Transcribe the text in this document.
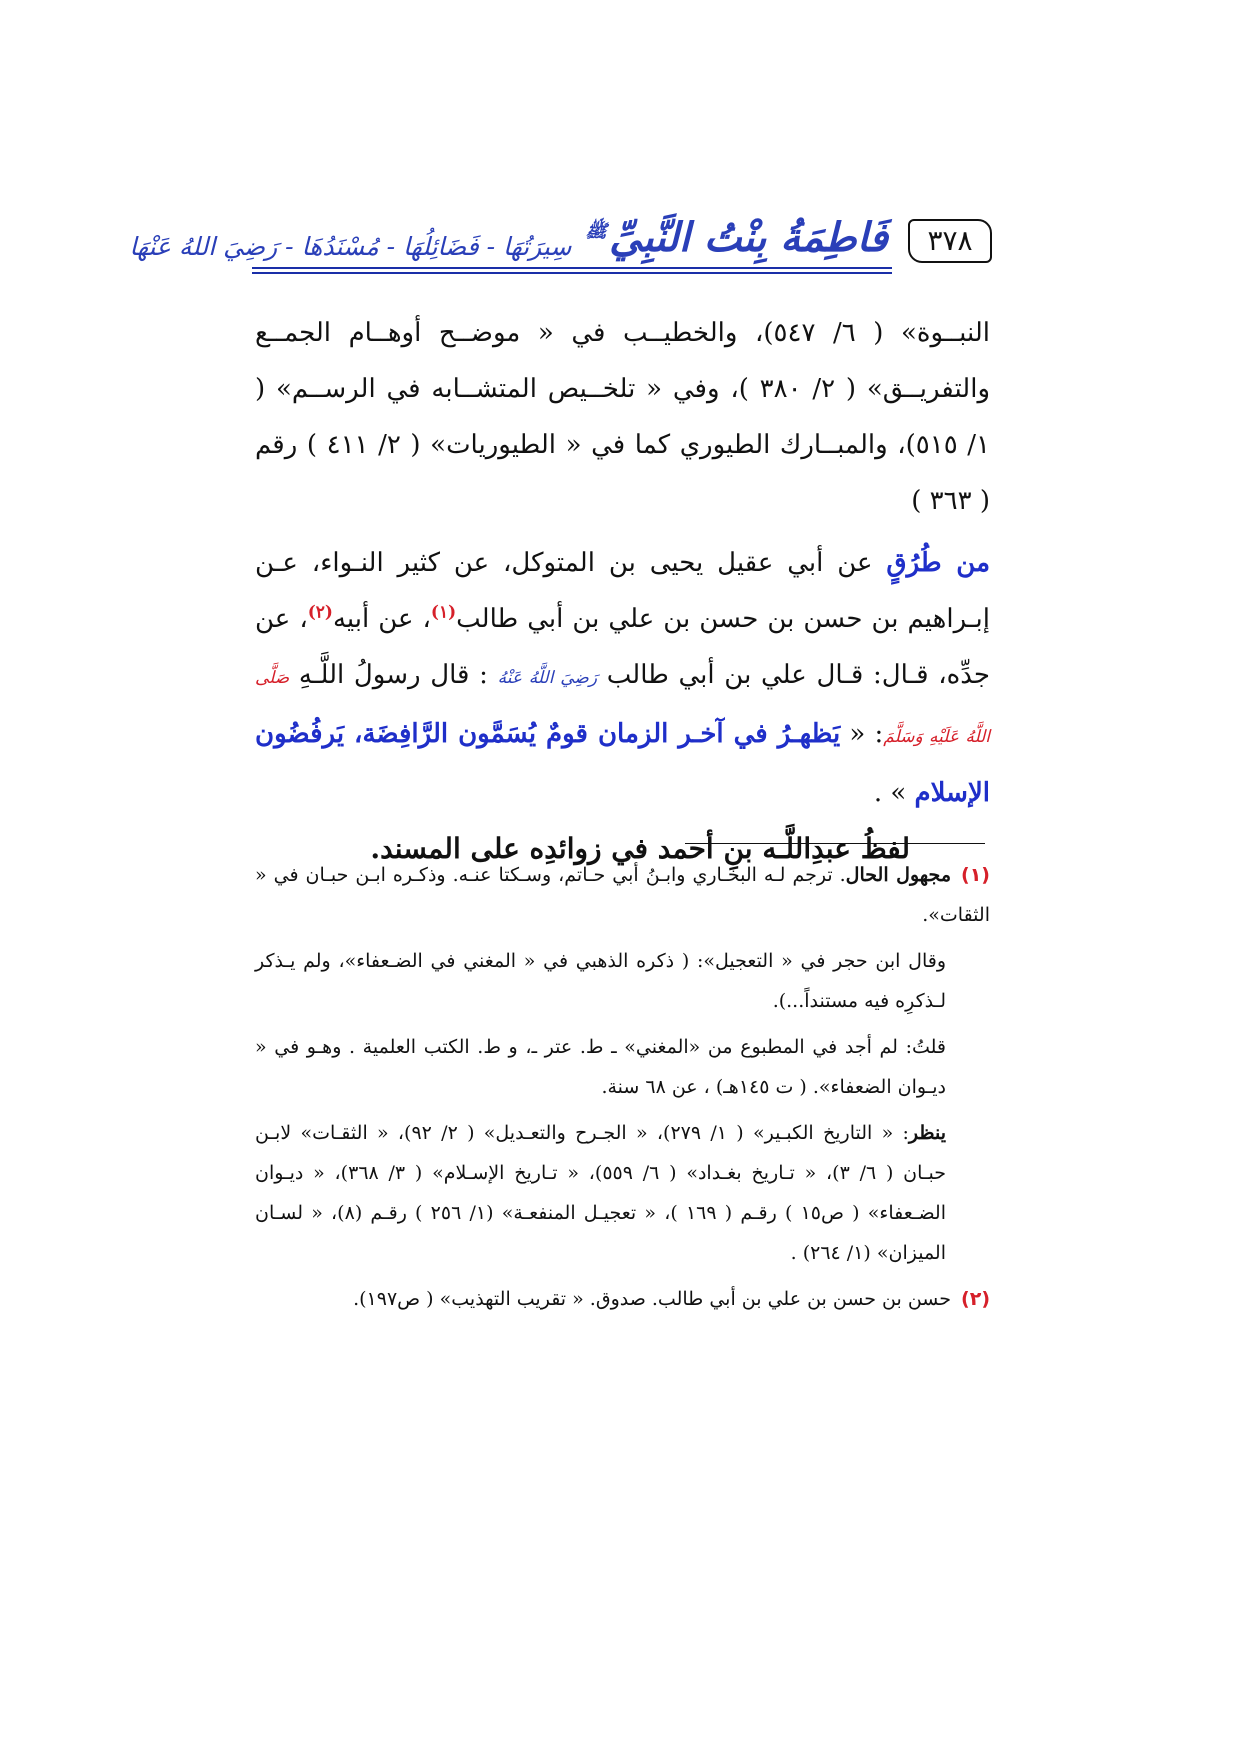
٣٧٨
فَاطِمَةُ بِنْتُ النَّبِيِّ$^ﷺ$
سِيرَتُهَا - فَضَائِلُهَا - مُسْنَدُهَا - رَضِيَ اللهُ عَنْهَا

النبــوة» ( ٦/ ٥٤٧)، والخطيــب في « موضــح أوهــام الجمــع والتفريــق» ( ٢/ ٣٨٠ )، وفي « تلخــيص المتشــابه في الرســم» ( ١/ ٥١٥)، والمبــارك الطيوري كما في « الطيوريات» ( ٢/ ٤١١ ) رقم ( ٣٦٣ )

من طُرُقٍ عن أبي عقيل يحيى بن المتوكل، عن كثير النـواء، عـن إبـراهيم بن حسن بن حسن بن علي بن أبي طالب$^{(١)}$، عن أبيه$^{(٢)}$، عن جدِّه، قـال: قـال علي بن أبي طالب رَضِيَ اللَّهُ عَنْهُ : قال رسولُ اللَّـهِ صَلَّى اللَّهُ عَلَيْهِ وَسَلَّمَ: « يَظهـرُ في آخـر الزمان قومٌ يُسَمَّون الرَّافِضَة، يَرفُضُون الإسلام » .

لفظُ عبدِاللَّـه بنِ أحمد في زوائدِه على المسند.

(١)مجهول الحال. ترجم لـه البخـاري وابـنُ أبي حـاتم، وسـكتا عنـه. وذكـره ابـن حبـان في « الثقات».

وقال ابن حجر في « التعجيل»: ( ذكره الذهبي في « المغني في الضـعفاء»، ولم يـذكر لـذكرِه فيه مستنداً...).

قلتُ: لم أجد في المطبوع من «المغني» ـ ط. عتر ـ، و ط. الكتب العلمية . وهـو في « ديـوان الضعفاء». ( ت ١٤٥هـ) ، عن ٦٨ سنة.

ينظر: « التاريخ الكبـير» ( ١/ ٢٧٩)، « الجـرح والتعـديل» ( ٢/ ٩٢)، « الثقـات» لابـن حبـان ( ٦/ ٣)، « تـاريخ بغـداد» ( ٦/ ٥٥٩)، « تـاريخ الإسـلام» ( ٣/ ٣٦٨)، « ديـوان الضـعفاء» ( ص١٥ ) رقـم ( ١٦٩ )، « تعجيـل المنفعـة» (١/ ٢٥٦ ) رقـم (٨)، « لسـان الميزان» (١/ ٢٦٤) .

(٢)حسن بن حسن بن علي بن أبي طالب. صدوق. « تقريب التهذيب» ( ص١٩٧).
